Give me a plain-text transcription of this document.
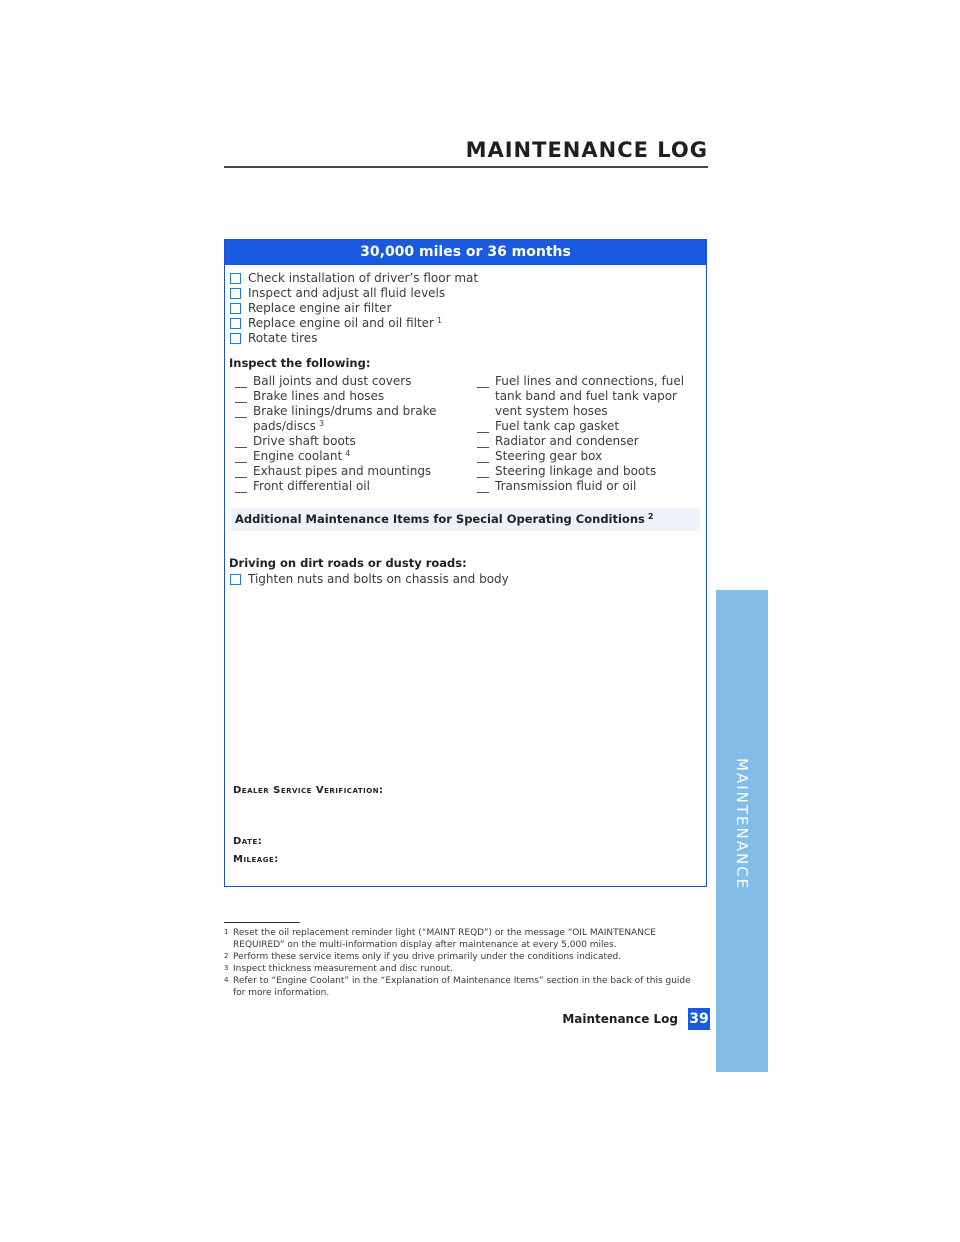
MAINTENANCE LOG
MAINTENANCE
30,000 miles or 36 months
Check installation of driver’s floor mat
Inspect and adjust all fluid levels
Replace engine air filter
Replace engine oil and oil filter $^1$
Rotate tires
Inspect the following:
__ Ball joints and dust covers
__ Brake lines and hoses
__ Brake linings/drums and brake pads/discs $^3$
__ Drive shaft boots
__ Engine coolant $^4$
__ Exhaust pipes and mountings
__ Front differential oil
__ Fuel lines and connections, fuel tank band and fuel tank vapor vent system hoses
__ Fuel tank cap gasket
__ Radiator and condenser
__ Steering gear box
__ Steering linkage and boots
__ Transmission fluid or oil
Additional Maintenance Items for Special Operating Conditions $^2$
Driving on dirt roads or dusty roads:
Tighten nuts and bolts on chassis and body
Dealer Service Verification:
Date:
Mileage:

1 Reset the oil replacement reminder light (“MAINT REQD”) or the message “OIL MAINTENANCE REQUIRED” on the multi-information display after maintenance at every 5,000 miles.

2 Perform these service items only if you drive primarily under the conditions indicated.

3 Inspect thickness measurement and disc runout.

4 Refer to “Engine Coolant” in the “Explanation of Maintenance Items” section in the back of this guide for more information.

Maintenance Log 39
